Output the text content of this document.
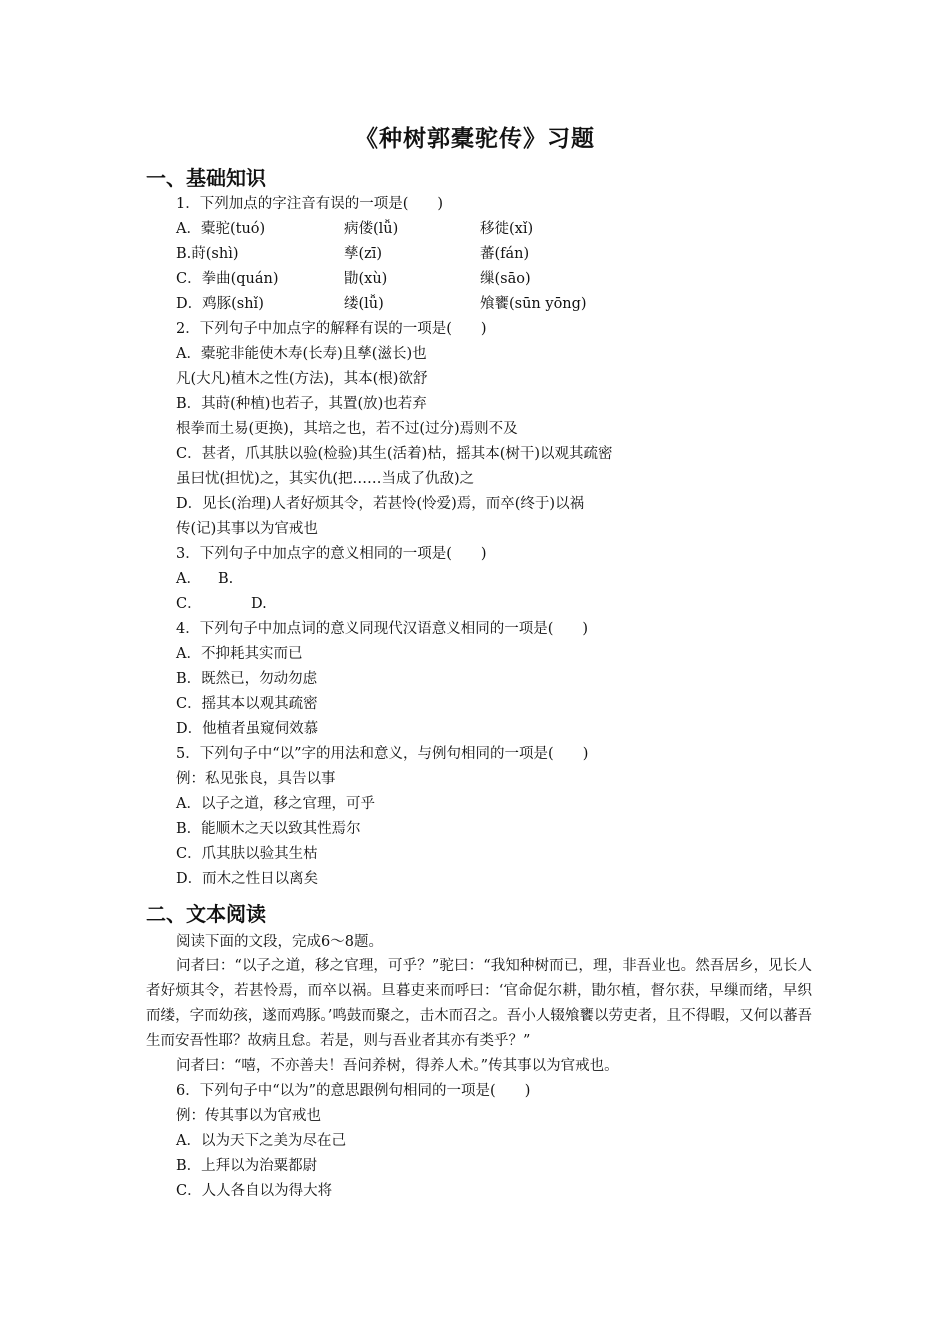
《种树郭橐驼传》习题
一、基础知识
1．下列加点的字注音有误的一项是(　　)
A．橐驼(tuó)	病偻(lǚ)	移徙(xǐ)
B.莳(shì)	孳(zī)	蕃(fán)
C．拳曲(quán)	勖(xù)	缫(sāo)
D．鸡豚(shǐ)	缕(lǚ)	飧饔(sūn yōng)
2．下列句子中加点字的解释有误的一项是(　　)
A．橐驼非能使木寿(长寿)且孳(滋长)也
凡(大凡)植木之性(方法)，其本(根)欲舒
B．其莳(种植)也若子，其置(放)也若弃
根拳而土易(更换)，其培之也，若不过(过分)焉则不及
C．甚者，爪其肤以验(检验)其生(活着)枯，摇其本(树干)以观其疏密
虽曰忧(担忧)之，其实仇(把……当成了仇敌)之
D．见长(治理)人者好烦其令，若甚怜(怜爱)焉，而卒(终于)以祸
传(记)其事以为官戒也
3．下列句子中加点字的意义相同的一项是(　　)
A． B.
C．	D.
4．下列句子中加点词的意义同现代汉语意义相同的一项是(　　)
A．不抑耗其实而已
B．既然已，勿动勿虑
C．摇其本以观其疏密
D．他植者虽窥伺效慕
5．下列句子中“以”字的用法和意义，与例句相同的一项是(　　)
例：私见张良，具告以事
A．以子之道，移之官理，可乎
B．能顺木之天以致其性焉尔
C．爪其肤以验其生枯
D．而木之性日以离矣
二、文本阅读
阅读下面的文段，完成6～8题。
问者曰：“以子之道，移之官理，可乎？”驼曰：“我知种树而已，理，非吾业也。然吾居乡，见长人者好烦其令，若甚怜焉，而卒以祸。旦暮吏来而呼曰：‘官命促尔耕，勖尔植，督尔获，早缫而绪，早织而缕，字而幼孩，遂而鸡豚。’鸣鼓而聚之，击木而召之。吾小人辍飧饔以劳吏者，且不得暇，又何以蕃吾生而安吾性耶？故病且怠。若是，则与吾业者其亦有类乎？”
问者曰：“嘻，不亦善夫！吾问养树，得养人术。”传其事以为官戒也。
6．下列句子中“以为”的意思跟例句相同的一项是(　　)
例：传其事以为官戒也
A．以为天下之美为尽在己
B．上拜以为治粟都尉
C．人人各自以为得大将
